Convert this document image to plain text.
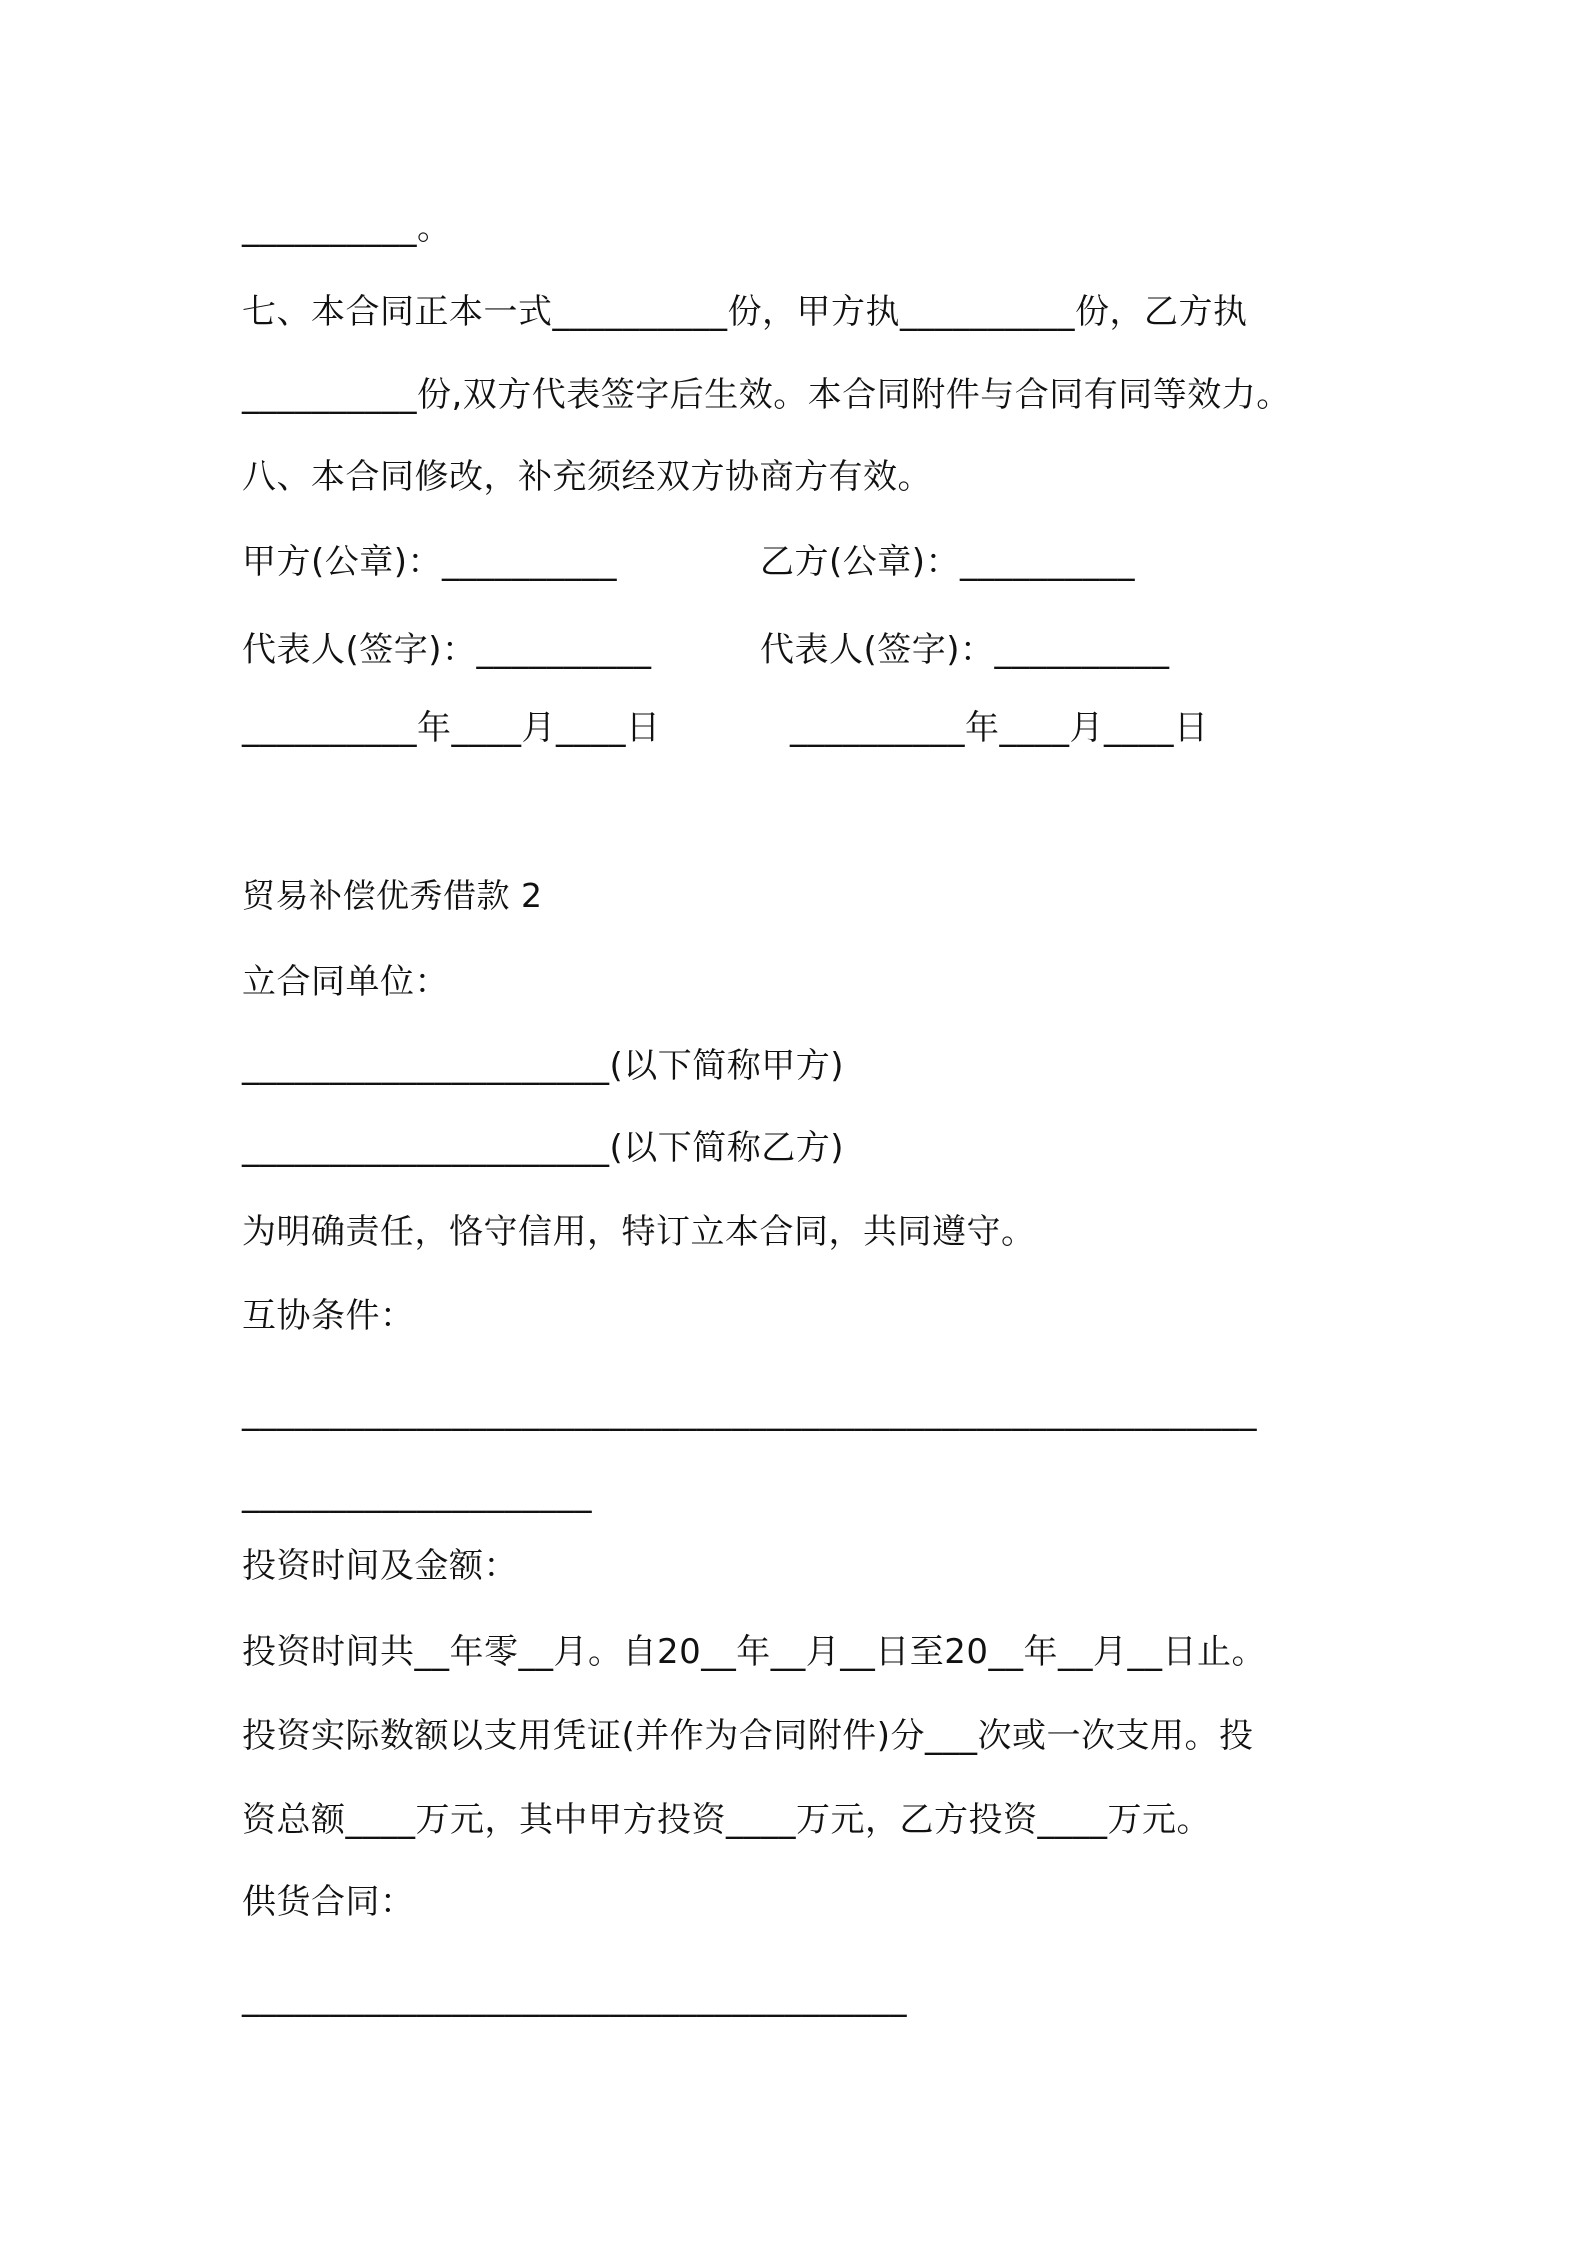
__________。
七、本合同正本一式__________份，甲方执__________份，乙方执
__________份,双方代表签字后生效。本合同附件与合同有同等效力。
八、本合同修改，补充须经双方协商方有效。
甲方(公章)：__________	乙方(公章)：__________
代表人(签字)：__________	代表人(签字)：__________
__________年____月____日	__________年____月____日
贸易补偿优秀借款 2
立合同单位：
_____________________(以下简称甲方)
_____________________(以下简称乙方)
为明确责任，恪守信用，特订立本合同，共同遵守。
互协条件：
__________________________________________________________
____________________
投资时间及金额：
投资时间共__年零__月。自20__年__月__日至20__年__月__日止。
投资实际数额以支用凭证(并作为合同附件)分___次或一次支用。投
资总额____万元，其中甲方投资____万元，乙方投资____万元。
供货合同：
______________________________________
